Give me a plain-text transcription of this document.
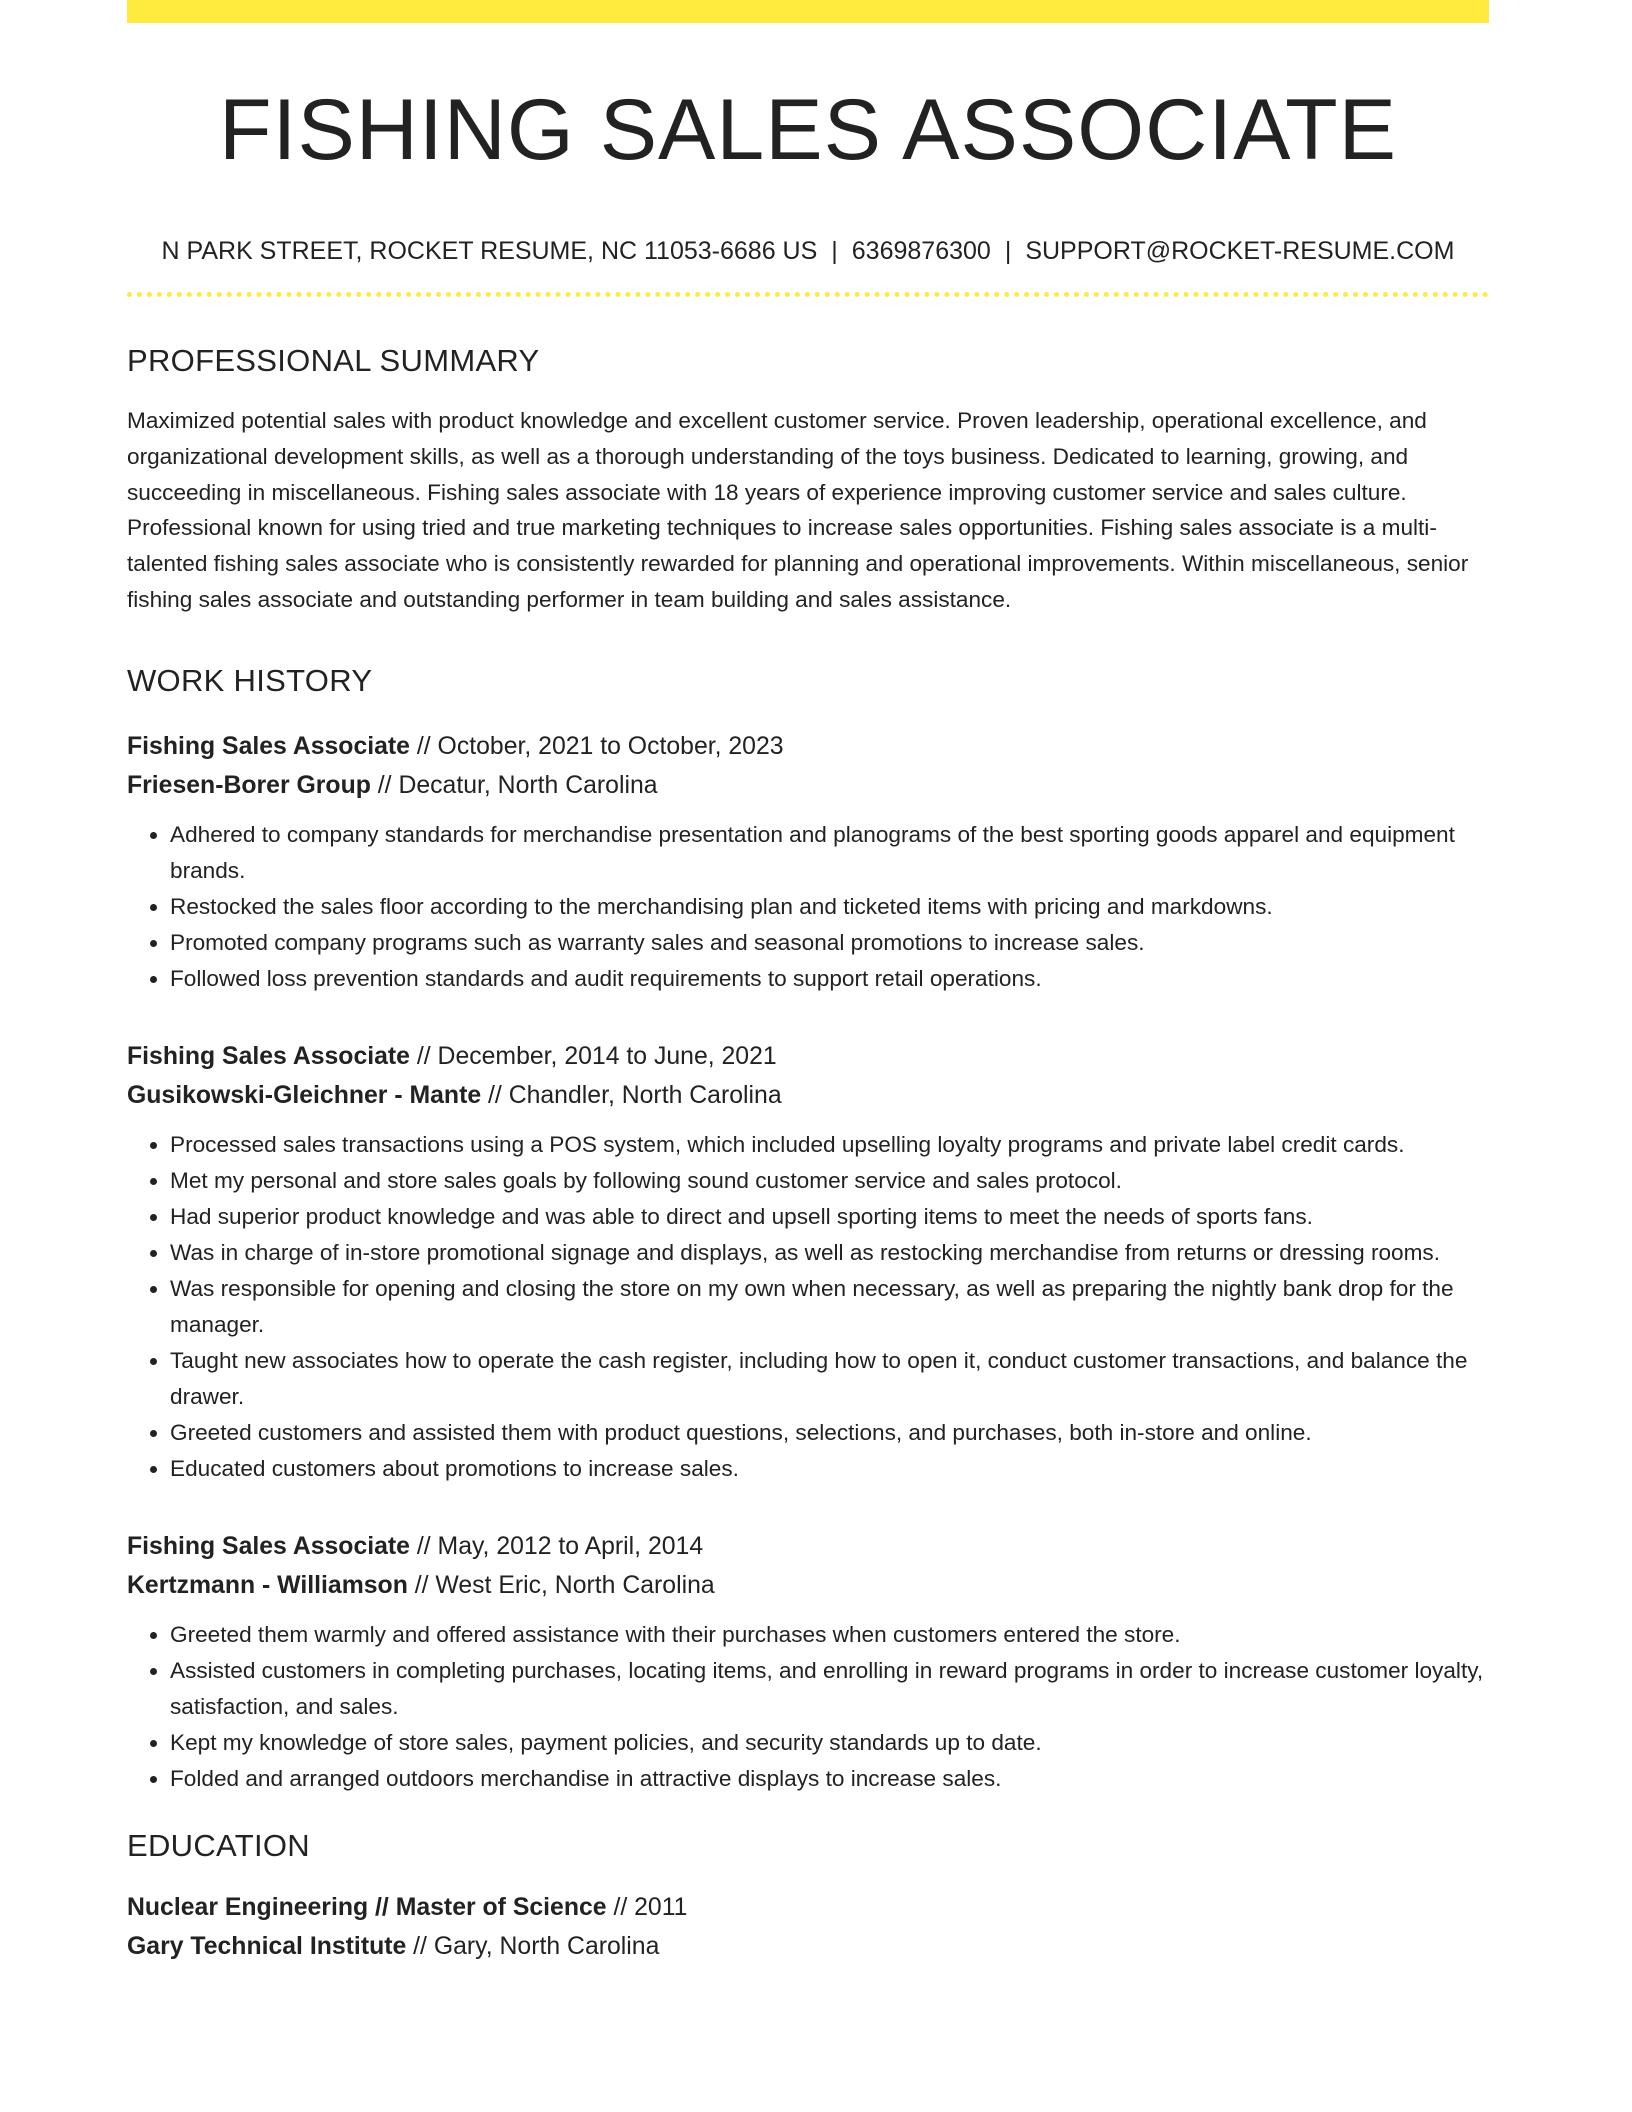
FISHING SALES ASSOCIATE
N PARK STREET, ROCKET RESUME, NC 11053-6686 US | 6369876300 | SUPPORT@ROCKET-RESUME.COM
PROFESSIONAL SUMMARY
Maximized potential sales with product knowledge and excellent customer service. Proven leadership, operational excellence, and organizational development skills, as well as a thorough understanding of the toys business. Dedicated to learning, growing, and succeeding in miscellaneous. Fishing sales associate with 18 years of experience improving customer service and sales culture. Professional known for using tried and true marketing techniques to increase sales opportunities. Fishing sales associate is a multi-talented fishing sales associate who is consistently rewarded for planning and operational improvements. Within miscellaneous, senior fishing sales associate and outstanding performer in team building and sales assistance.
WORK HISTORY
Fishing Sales Associate // October, 2021 to October, 2023
Friesen-Borer Group // Decatur, North Carolina
• Adhered to company standards for merchandise presentation and planograms of the best sporting goods apparel and equipment brands.
• Restocked the sales floor according to the merchandising plan and ticketed items with pricing and markdowns.
• Promoted company programs such as warranty sales and seasonal promotions to increase sales.
• Followed loss prevention standards and audit requirements to support retail operations.
Fishing Sales Associate // December, 2014 to June, 2021
Gusikowski-Gleichner - Mante // Chandler, North Carolina
• Processed sales transactions using a POS system, which included upselling loyalty programs and private label credit cards.
• Met my personal and store sales goals by following sound customer service and sales protocol.
• Had superior product knowledge and was able to direct and upsell sporting items to meet the needs of sports fans.
• Was in charge of in-store promotional signage and displays, as well as restocking merchandise from returns or dressing rooms.
• Was responsible for opening and closing the store on my own when necessary, as well as preparing the nightly bank drop for the manager.
• Taught new associates how to operate the cash register, including how to open it, conduct customer transactions, and balance the drawer.
• Greeted customers and assisted them with product questions, selections, and purchases, both in-store and online.
• Educated customers about promotions to increase sales.
Fishing Sales Associate // May, 2012 to April, 2014
Kertzmann - Williamson // West Eric, North Carolina
• Greeted them warmly and offered assistance with their purchases when customers entered the store.
• Assisted customers in completing purchases, locating items, and enrolling in reward programs in order to increase customer loyalty, satisfaction, and sales.
• Kept my knowledge of store sales, payment policies, and security standards up to date.
• Folded and arranged outdoors merchandise in attractive displays to increase sales.
EDUCATION
Nuclear Engineering // Master of Science // 2011
Gary Technical Institute // Gary, North Carolina
